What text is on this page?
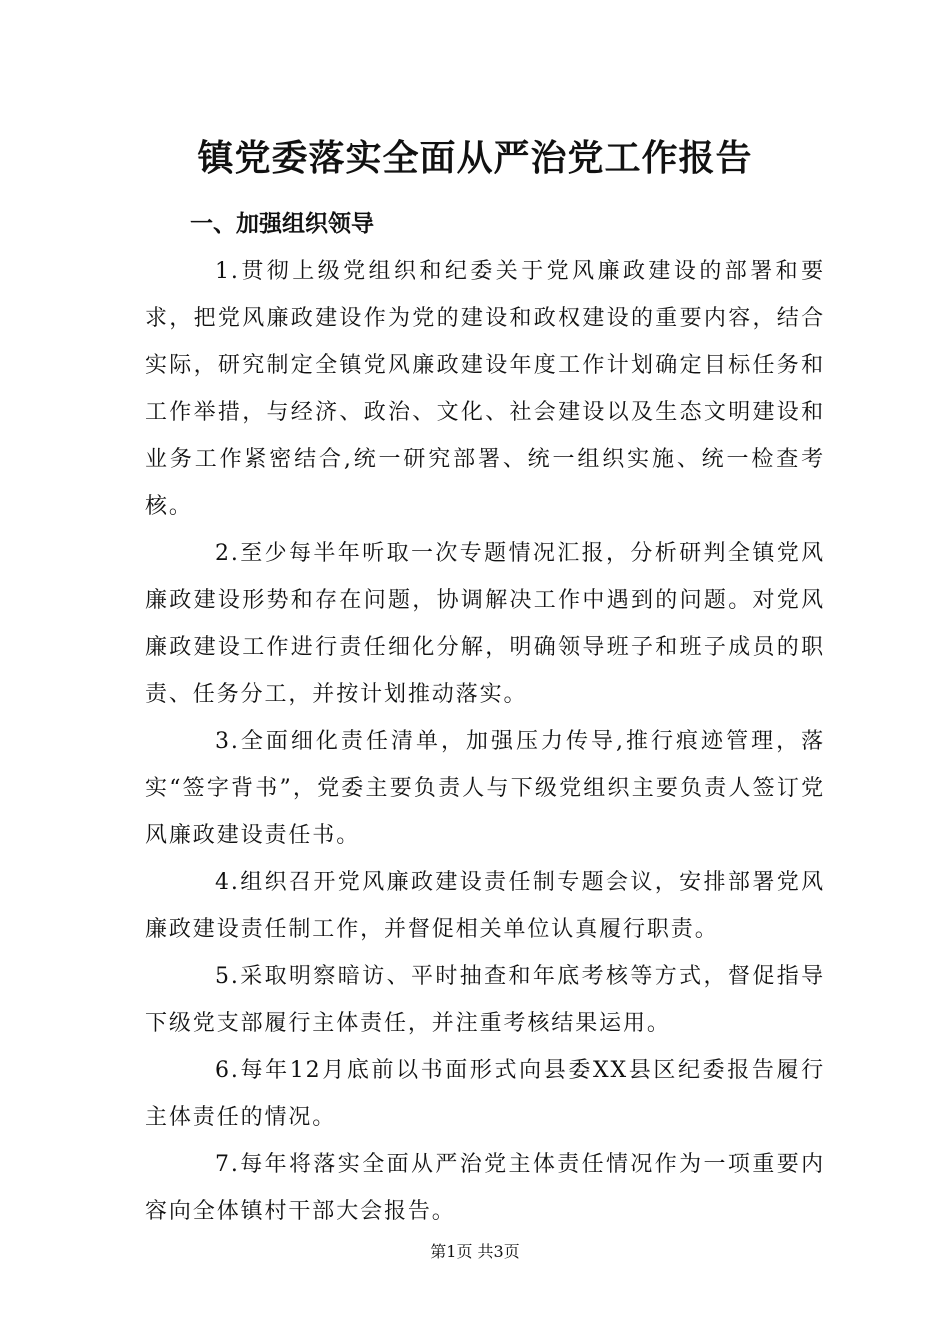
镇党委落实全面从严治党工作报告
一、加强组织领导

1.贯彻上级党组织和纪委关于党风廉政建设的部署和要求，把党风廉政建设作为党的建设和政权建设的重要内容，结合实际，研究制定全镇党风廉政建设年度工作计划确定目标任务和工作举措，与经济、政治、文化、社会建设以及生态文明建设和业务工作紧密结合,统一研究部署、统一组织实施、统一检查考核。

2.至少每半年听取一次专题情况汇报，分析研判全镇党风廉政建设形势和存在问题，协调解决工作中遇到的问题。对党风廉政建设工作进行责任细化分解，明确领导班子和班子成员的职责、任务分工，并按计划推动落实。

3.全面细化责任清单，加强压力传导,推行痕迹管理，落实“签字背书”，党委主要负责人与下级党组织主要负责人签订党风廉政建设责任书。

4.组织召开党风廉政建设责任制专题会议，安排部署党风廉政建设责任制工作，并督促相关单位认真履行职责。

5.采取明察暗访、平时抽查和年底考核等方式，督促指导下级党支部履行主体责任，并注重考核结果运用。

6.每年12月底前以书面形式向县委XX县区纪委报告履行主体责任的情况。

7.每年将落实全面从严治党主体责任情况作为一项重要内容向全体镇村干部大会报告。

第1页 共3页
